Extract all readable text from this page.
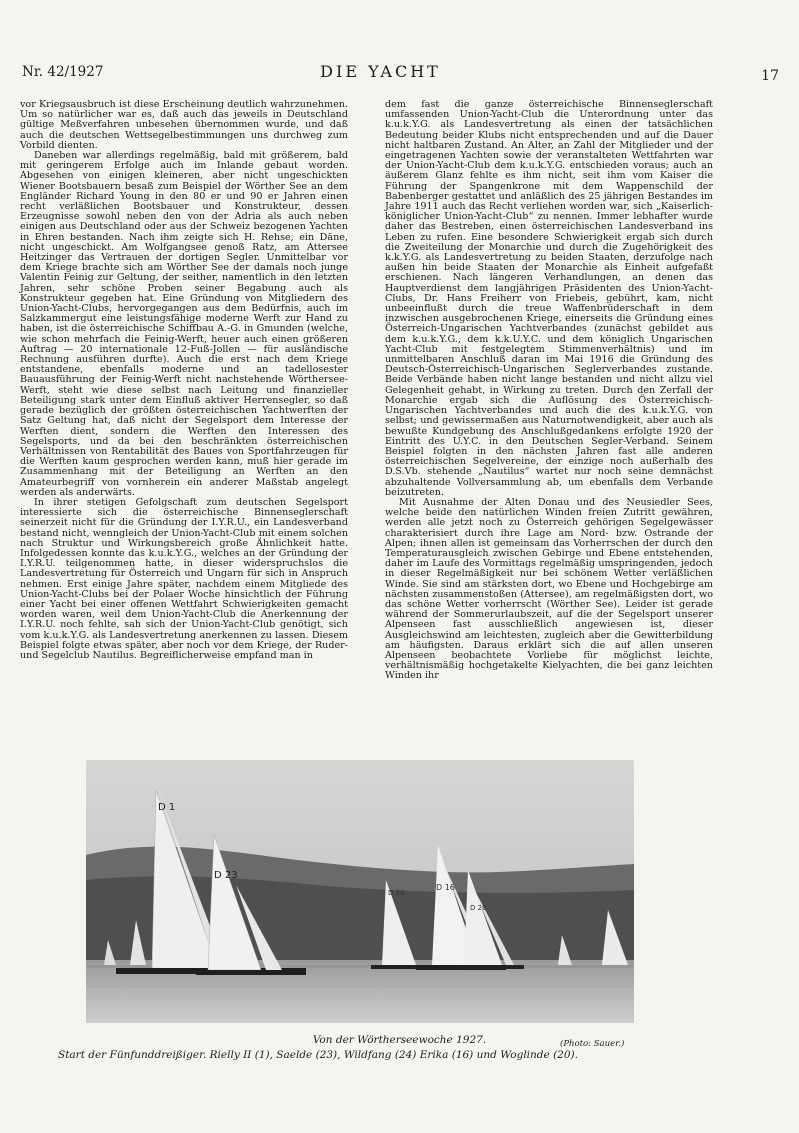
Nr. 42/1927	DIE YACHT	17

vor Kriegsausbruch ist diese Erscheinung deutlich wahrzunehmen. Um so natürlicher war es, daß auch das jeweils in Deutschland gültige Meßverfahren unbesehen übernommen wurde, und daß auch die deutschen Wettsegelbestimmungen uns durchweg zum Vorbild dienten.

Daneben war allerdings regelmäßig, bald mit größerem, bald mit geringerem Erfolge auch im Inlande gebaut worden. Abgesehen von einigen kleineren, aber nicht ungeschickten Wiener Bootsbauern besaß zum Beispiel der Wörther See an dem Engländer Richard Young in den 80 er und 90 er Jahren einen recht verläßlichen Bootsbauer und Konstrukteur, dessen Erzeugnisse sowohl neben den von der Adria als auch neben einigen aus Deutschland oder aus der Schweiz bezogenen Yachten in Ehren bestanden. Nach ihm zeigte sich H. Rehse, ein Däne, nicht ungeschickt. Am Wolfgangsee genoß Ratz, am Attersee Heitzinger das Vertrauen der dortigen Segler. Unmittelbar vor dem Kriege brachte sich am Wörther See der damals noch junge Valentin Feinig zur Geltung, der seither, namentlich in den letzten Jahren, sehr schöne Proben seiner Begabung auch als Konstrukteur gegeben hat. Eine Gründung von Mitgliedern des Union-Yacht-Clubs, hervorgegangen aus dem Bedürfnis, auch im Salzkammergut eine leistungsfähige moderne Werft zur Hand zu haben, ist die österreichische Schiffbau A.-G. in Gmunden (welche, wie schon mehrfach die Feinig-Werft, heuer auch einen größeren Auftrag — 20 internationale 12-Fuß-Jollen — für ausländische Rechnung ausführen durfte). Auch die erst nach dem Kriege entstandene, ebenfalls moderne und an tadellosester Bauausführung der Feinig-Werft nicht nachstehende Wörthersee-Werft, steht wie diese selbst nach Leitung und finanzieller Beteiligung stark unter dem Einfluß aktiver Herrensegler, so daß gerade bezüglich der größten österreichischen Yachtwerften der Satz Geltung hat, daß nicht der Segelsport dem Interesse der Werften dient, sondern die Werften den Interessen des Segelsports, und da bei den beschränkten österreichischen Verhältnissen von Rentabilität des Baues von Sportfahrzeugen für die Werften kaum gesprochen werden kann, muß hier gerade im Zusammenhang mit der Beteiligung an Werften an den Amateurbegriff von vornherein ein anderer Maßstab angelegt werden als anderwärts.

In ihrer stetigen Gefolgschaft zum deutschen Segelsport interessierte sich die österreichische Binnenseglerschaft seinerzeit nicht für die Gründung der I.Y.R.U., ein Landesverband bestand nicht, wenngleich der Union-Yacht-Club mit einem solchen nach Struktur und Wirkungsbereich große Ähnlichkeit hatte. Infolgedessen konnte das k.u.k.Y.G., welches an der Gründung der I.Y.R.U. teilgenommen hatte, in dieser widerspruchslos die Landesvertretung für Österreich und Ungarn für sich in Anspruch nehmen. Erst einige Jahre später, nachdem einem Mitgliede des Union-Yacht-Clubs bei der Polaer Woche hinsichtlich der Führung einer Yacht bei einer offenen Wettfahrt Schwierigkeiten gemacht worden waren, weil dem Union-Yacht-Club die Anerkennung der I.Y.R.U. noch fehlte, sah sich der Union-Yacht-Club genötigt, sich vom k.u.k.Y.G. als Landesvertretung anerkennen zu lassen. Diesem Beispiel folgte etwas später, aber noch vor dem Kriege, der Ruder- und Segelclub Nautilus. Begreiflicherweise empfand man in

dem fast die ganze österreichische Binnenseglerschaft umfassenden Union-Yacht-Club die Unterordnung unter das k.u.k.Y.G. als Landesvertretung als einen der tatsächlichen Bedeutung beider Klubs nicht entsprechenden und auf die Dauer nicht haltbaren Zustand. An Alter, an Zahl der Mitglieder und der eingetragenen Yachten sowie der veranstalteten Wettfahrten war der Union-Yacht-Club dem k.u.k.Y.G. entschieden voraus; auch an äußerem Glanz fehlte es ihm nicht, seit ihm vom Kaiser die Führung der Spangenkrone mit dem Wappenschild der Babenberger gestattet und anläßlich des 25 jährigen Bestandes im Jahre 1911 auch das Recht verliehen worden war, sich „Kaiserlich-königlicher Union-Yacht-Club“ zu nennen. Immer lebhafter wurde daher das Bestreben, einen österreichischen Landesverband ins Leben zu rufen. Eine besondere Schwierigkeit ergab sich durch die Zweiteilung der Monarchie und durch die Zugehörigkeit des k.k.Y.G. als Landesvertretung zu beiden Staaten, derzufolge nach außen hin beide Staaten der Monarchie als Einheit aufgefaßt erschienen. Nach längeren Verhandlungen, an denen das Hauptverdienst dem langjährigen Präsidenten des Union-Yacht-Clubs, Dr. Hans Freiherr von Friebeis, gebührt, kam, nicht unbeeinflußt durch die treue Waffenbrüderschaft in dem inzwischen ausgebrochenen Kriege, einerseits die Gründung eines Österreich-Ungarischen Yachtverbandes (zunächst gebildet aus dem k.u.k.Y.G., dem k.k.U.Y.C. und dem königlich Ungarischen Yacht-Club mit festgelegtem Stimmenverhältnis) und im unmittelbaren Anschluß daran im Mai 1916 die Gründung des Deutsch-Österreichisch-Ungarischen Seglerverbandes zustande. Beide Verbände haben nicht lange bestanden und nicht allzu viel Gelegenheit gehabt, in Wirkung zu treten. Durch den Zerfall der Monarchie ergab sich die Auflösung des Österreichisch-Ungarischen Yachtverbandes und auch die des k.u.k.Y.G. von selbst; und gewissermaßen aus Naturnotwendigkeit, aber auch als bewußte Kundgebung des Anschlußgedankens erfolgte 1920 der Eintritt des U.Y.C. in den Deutschen Segler-Verband. Seinem Beispiel folgten in den nächsten Jahren fast alle anderen österreichischen Segelvereine, der einzige noch außerhalb des D.S.Vb. stehende „Nautilus“ wartet nur noch seine demnächst abzuhaltende Vollversammlung ab, um ebenfalls dem Verbande beizutreten.

Mit Ausnahme der Alten Donau und des Neusiedler Sees, welche beide den natürlichen Winden freien Zutritt gewähren, werden alle jetzt noch zu Österreich gehörigen Segelgewässer charakterisiert durch ihre Lage am Nord- bzw. Ostrande der Alpen; ihnen allen ist gemeinsam das Vorherrschen der durch den Temperaturausgleich zwischen Gebirge und Ebene entstehenden, daher im Laufe des Vormittags regelmäßig umspringenden, jedoch in dieser Regelmäßigkeit nur bei schönem Wetter verläßlichen Winde. Sie sind am stärksten dort, wo Ebene und Hochgebirge am nächsten zusammenstoßen (Attersee), am regelmäßigsten dort, wo das schöne Wetter vorherrscht (Wörther See). Leider ist gerade während der Sommerurlaubszeit, auf die der Segelsport unserer Alpenseen fast ausschließlich angewiesen ist, dieser Ausgleichswind am leichtesten, zugleich aber die Gewitterbildung am häufigsten. Daraus erklärt sich die auf allen unseren Alpenseen beobachtete Vorliebe für möglichst leichte, verhältnismäßig hochgetakelte Kielyachten, die bei ganz leichten Winden ihr

D 1
D 23
D 24
D 16
D 20
Von der Wörtherseewoche 1927.	(Photo: Sauer.)
Start der Fünfunddreißiger. Rielly II (1), Saelde (23), Wildfang (24) Erika (16) und Woglinde (20).
